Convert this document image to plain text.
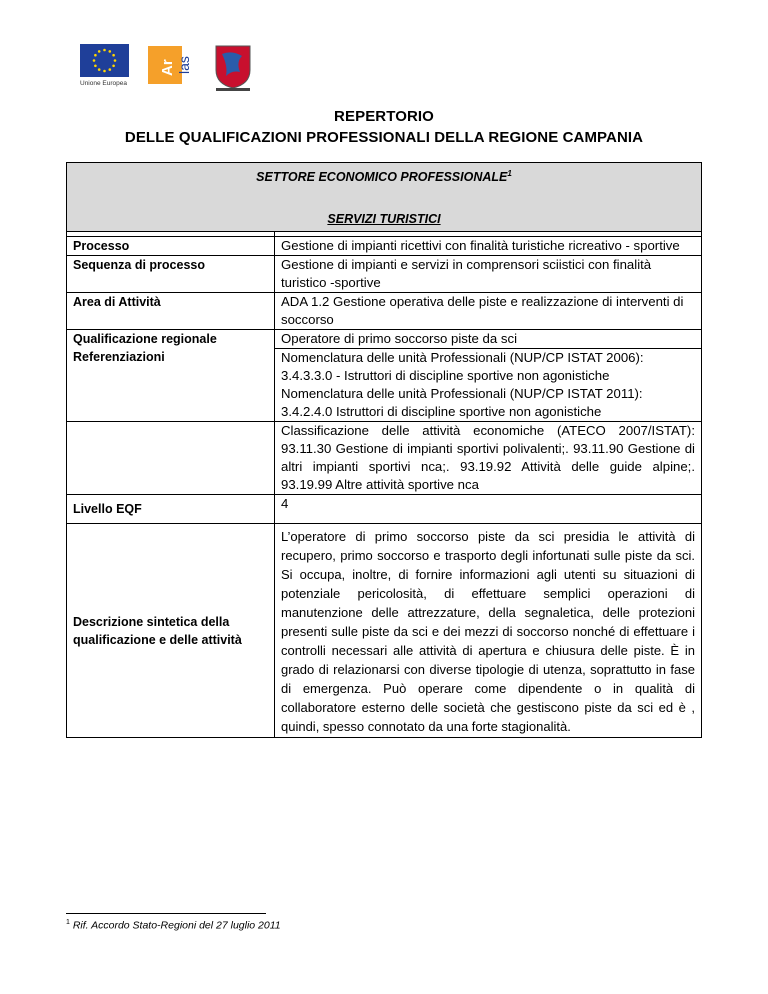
Unione Europea
Ar las
REPERTORIO
DELLE QUALIFICAZIONI PROFESSIONALI DELLA REGIONE CAMPANIA
SETTORE ECONOMICO PROFESSIONALE$^1$
SERVIZI TURISTICI	

Processo	Gestione di impianti ricettivi con finalità turistiche ricreativo - sportive
Sequenza di processo	Gestione di impianti e servizi in comprensori sciistici con finalità turistico -sportive
Area di Attività	ADA 1.2 Gestione operativa delle piste e realizzazione di interventi di soccorso

Qualificazione regionale
Referenziazioni	Operatore di primo soccorso piste da sci

	Nomenclatura delle unità Professionali (NUP/CP ISTAT 2006): 3.4.3.3.0 - Istruttori di discipline sportive non agonistiche
Nomenclatura delle unità Professionali (NUP/CP ISTAT 2011): 3.4.2.4.0 Istruttori di discipline sportive non agonistiche

	Classificazione delle attività economiche (ATECO 2007/ISTAT): 93.11.30 Gestione di impianti sportivi polivalenti;. 93.11.90 Gestione di altri impianti sportivi nca;. 93.19.92 Attività delle guide alpine;. 93.19.99 Altre attività sportive nca
Livello EQF	4
Descrizione sintetica della qualificazione e delle attività	L’operatore di primo soccorso piste da sci presidia le attività di recupero, primo soccorso e trasporto degli infortunati sulle piste da sci. Si occupa, inoltre, di fornire informazioni agli utenti su situazioni di potenziale pericolosità, di effettuare semplici operazioni di manutenzione delle attrezzature, della segnaletica, delle protezioni presenti sulle piste da sci e dei mezzi di soccorso nonché di effettuare i controlli necessari alle attività di apertura e chiusura delle piste. È in grado di relazionarsi con diverse tipologie di utenza, soprattutto in fase di emergenza. Può operare come dipendente o in qualità di collaboratore esterno delle società che gestiscono piste da sci ed è , quindi, spesso connotato da una forte stagionalità.
$^1$ Rif. Accordo Stato-Regioni del 27 luglio 2011
